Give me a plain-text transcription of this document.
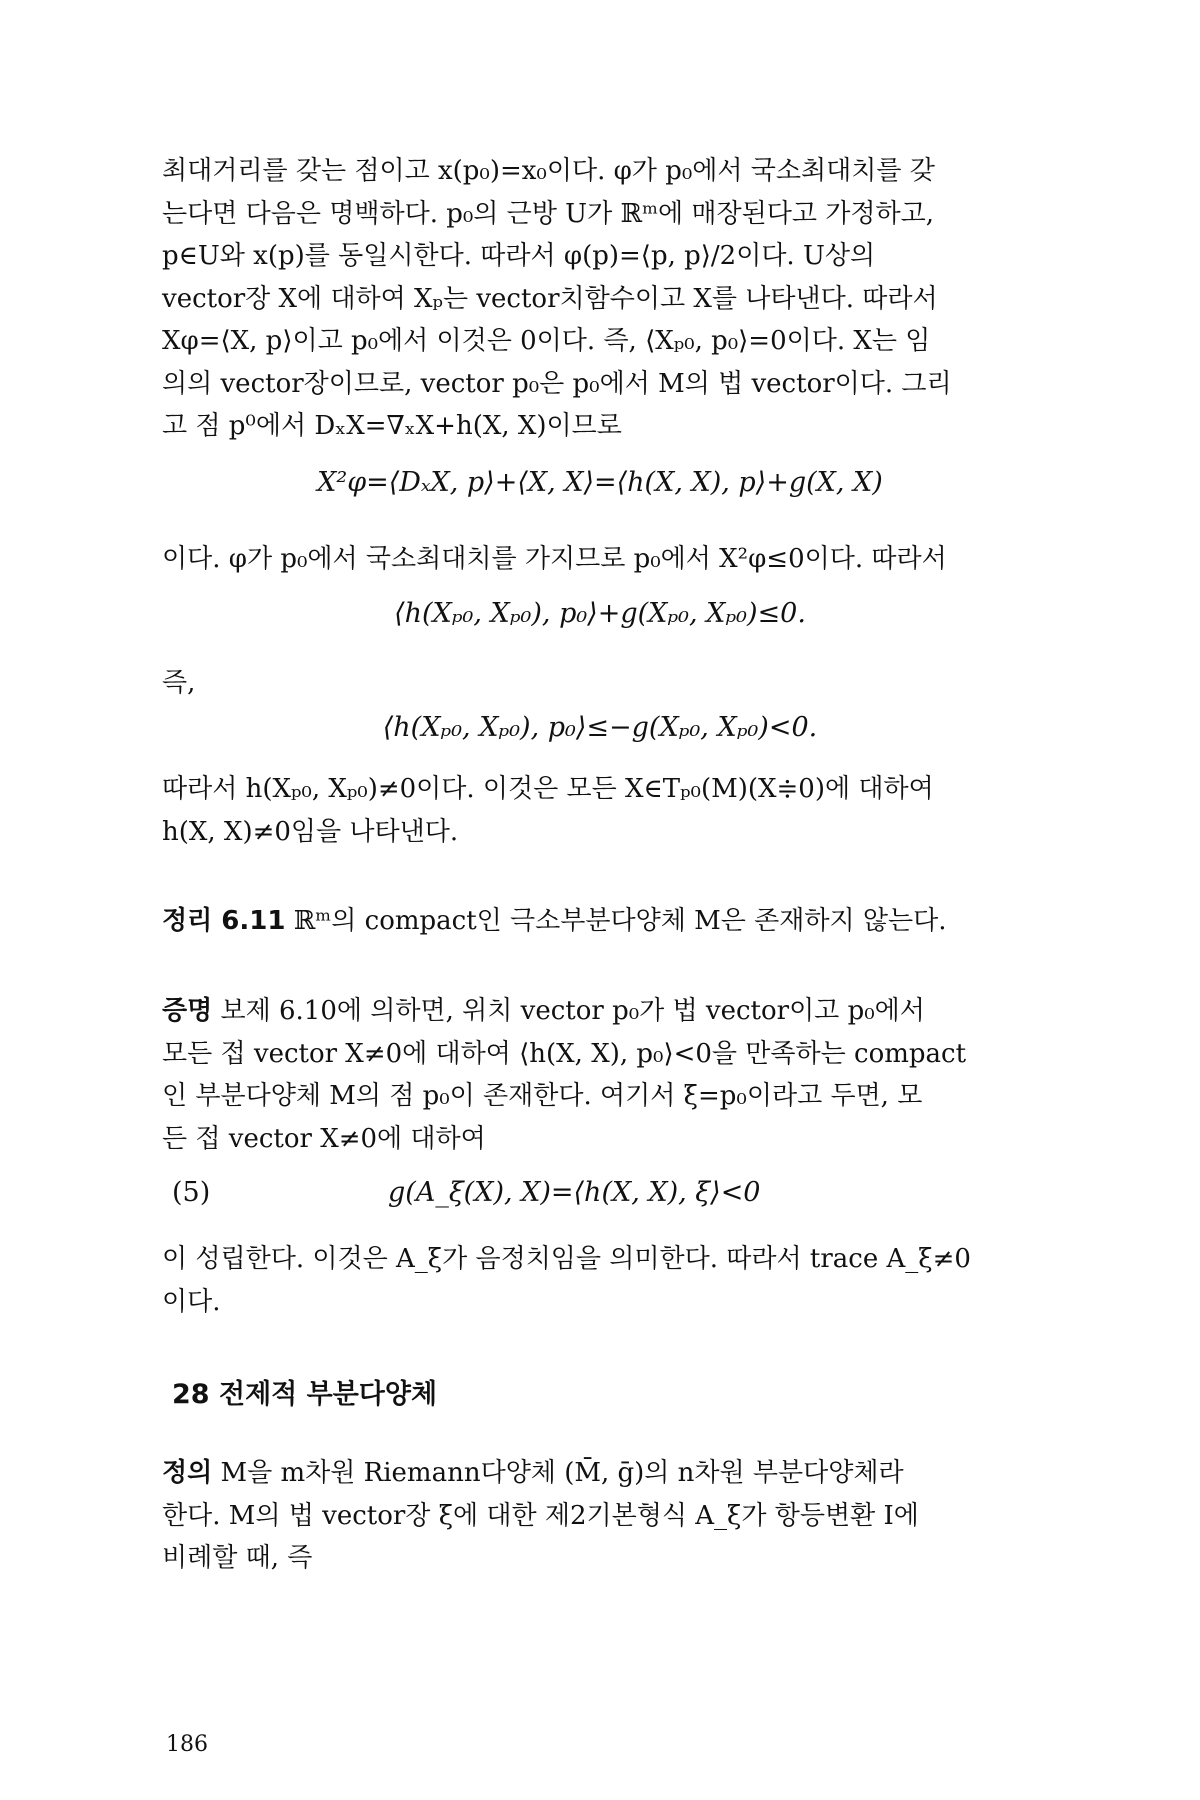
최대거리를 갖는 점이고 x(p₀)=x₀이다. φ가 p₀에서 국소최대치를 갖

는다면 다음은 명백하다. p₀의 근방 U가 ℝᵐ에 매장된다고 가정하고,

p∈U와 x(p)를 동일시한다. 따라서 φ(p)=⟨p, p⟩/2이다. U상의

vector장 X에 대하여 Xₚ는 vector치함수이고 X를 나타낸다. 따라서

Xφ=⟨X, p⟩이고 p₀에서 이것은 0이다. 즉, ⟨Xₚ₀, p₀⟩=0이다. X는 임

의의 vector장이므로, vector p₀은 p₀에서 M의 법 vector이다. 그리

고 점 p⁰에서 DₓX=∇ₓX+h(X, X)이므로

X²φ=⟨DₓX, p⟩+⟨X, X⟩=⟨h(X, X), p⟩+g(X, X)

이다. φ가 p₀에서 국소최대치를 가지므로 p₀에서 X²φ≤0이다. 따라서

⟨h(Xₚ₀, Xₚ₀), p₀⟩+g(Xₚ₀, Xₚ₀)≤0.

즉,

⟨h(Xₚ₀, Xₚ₀), p₀⟩≤−g(Xₚ₀, Xₚ₀)<0.

따라서 h(Xₚ₀, Xₚ₀)≠0이다. 이것은 모든 X∈Tₚ₀(M)(X≑0)에 대하여

h(X, X)≠0임을 나타낸다.

정리 6.11 ℝᵐ의 compact인 극소부분다양체 M은 존재하지 않는다.

증명 보제 6.10에 의하면, 위치 vector p₀가 법 vector이고 p₀에서

모든 접 vector X≠0에 대하여 ⟨h(X, X), p₀⟩<0을 만족하는 compact

인 부분다양체 M의 점 p₀이 존재한다. 여기서 ξ=p₀이라고 두면, 모

든 접 vector X≠0에 대하여

(5)	g(A_ξ(X), X)=⟨h(X, X), ξ⟩<0

이 성립한다. 이것은 A_ξ가 음정치임을 의미한다. 따라서 trace A_ξ≠0

이다.

28 전제적 부분다양체

정의 M을 m차원 Riemann다양체 (M̄, ḡ)의 n차원 부분다양체라

한다. M의 법 vector장 ξ에 대한 제2기본형식 A_ξ가 항등변환 I에

비례할 때, 즉

186
